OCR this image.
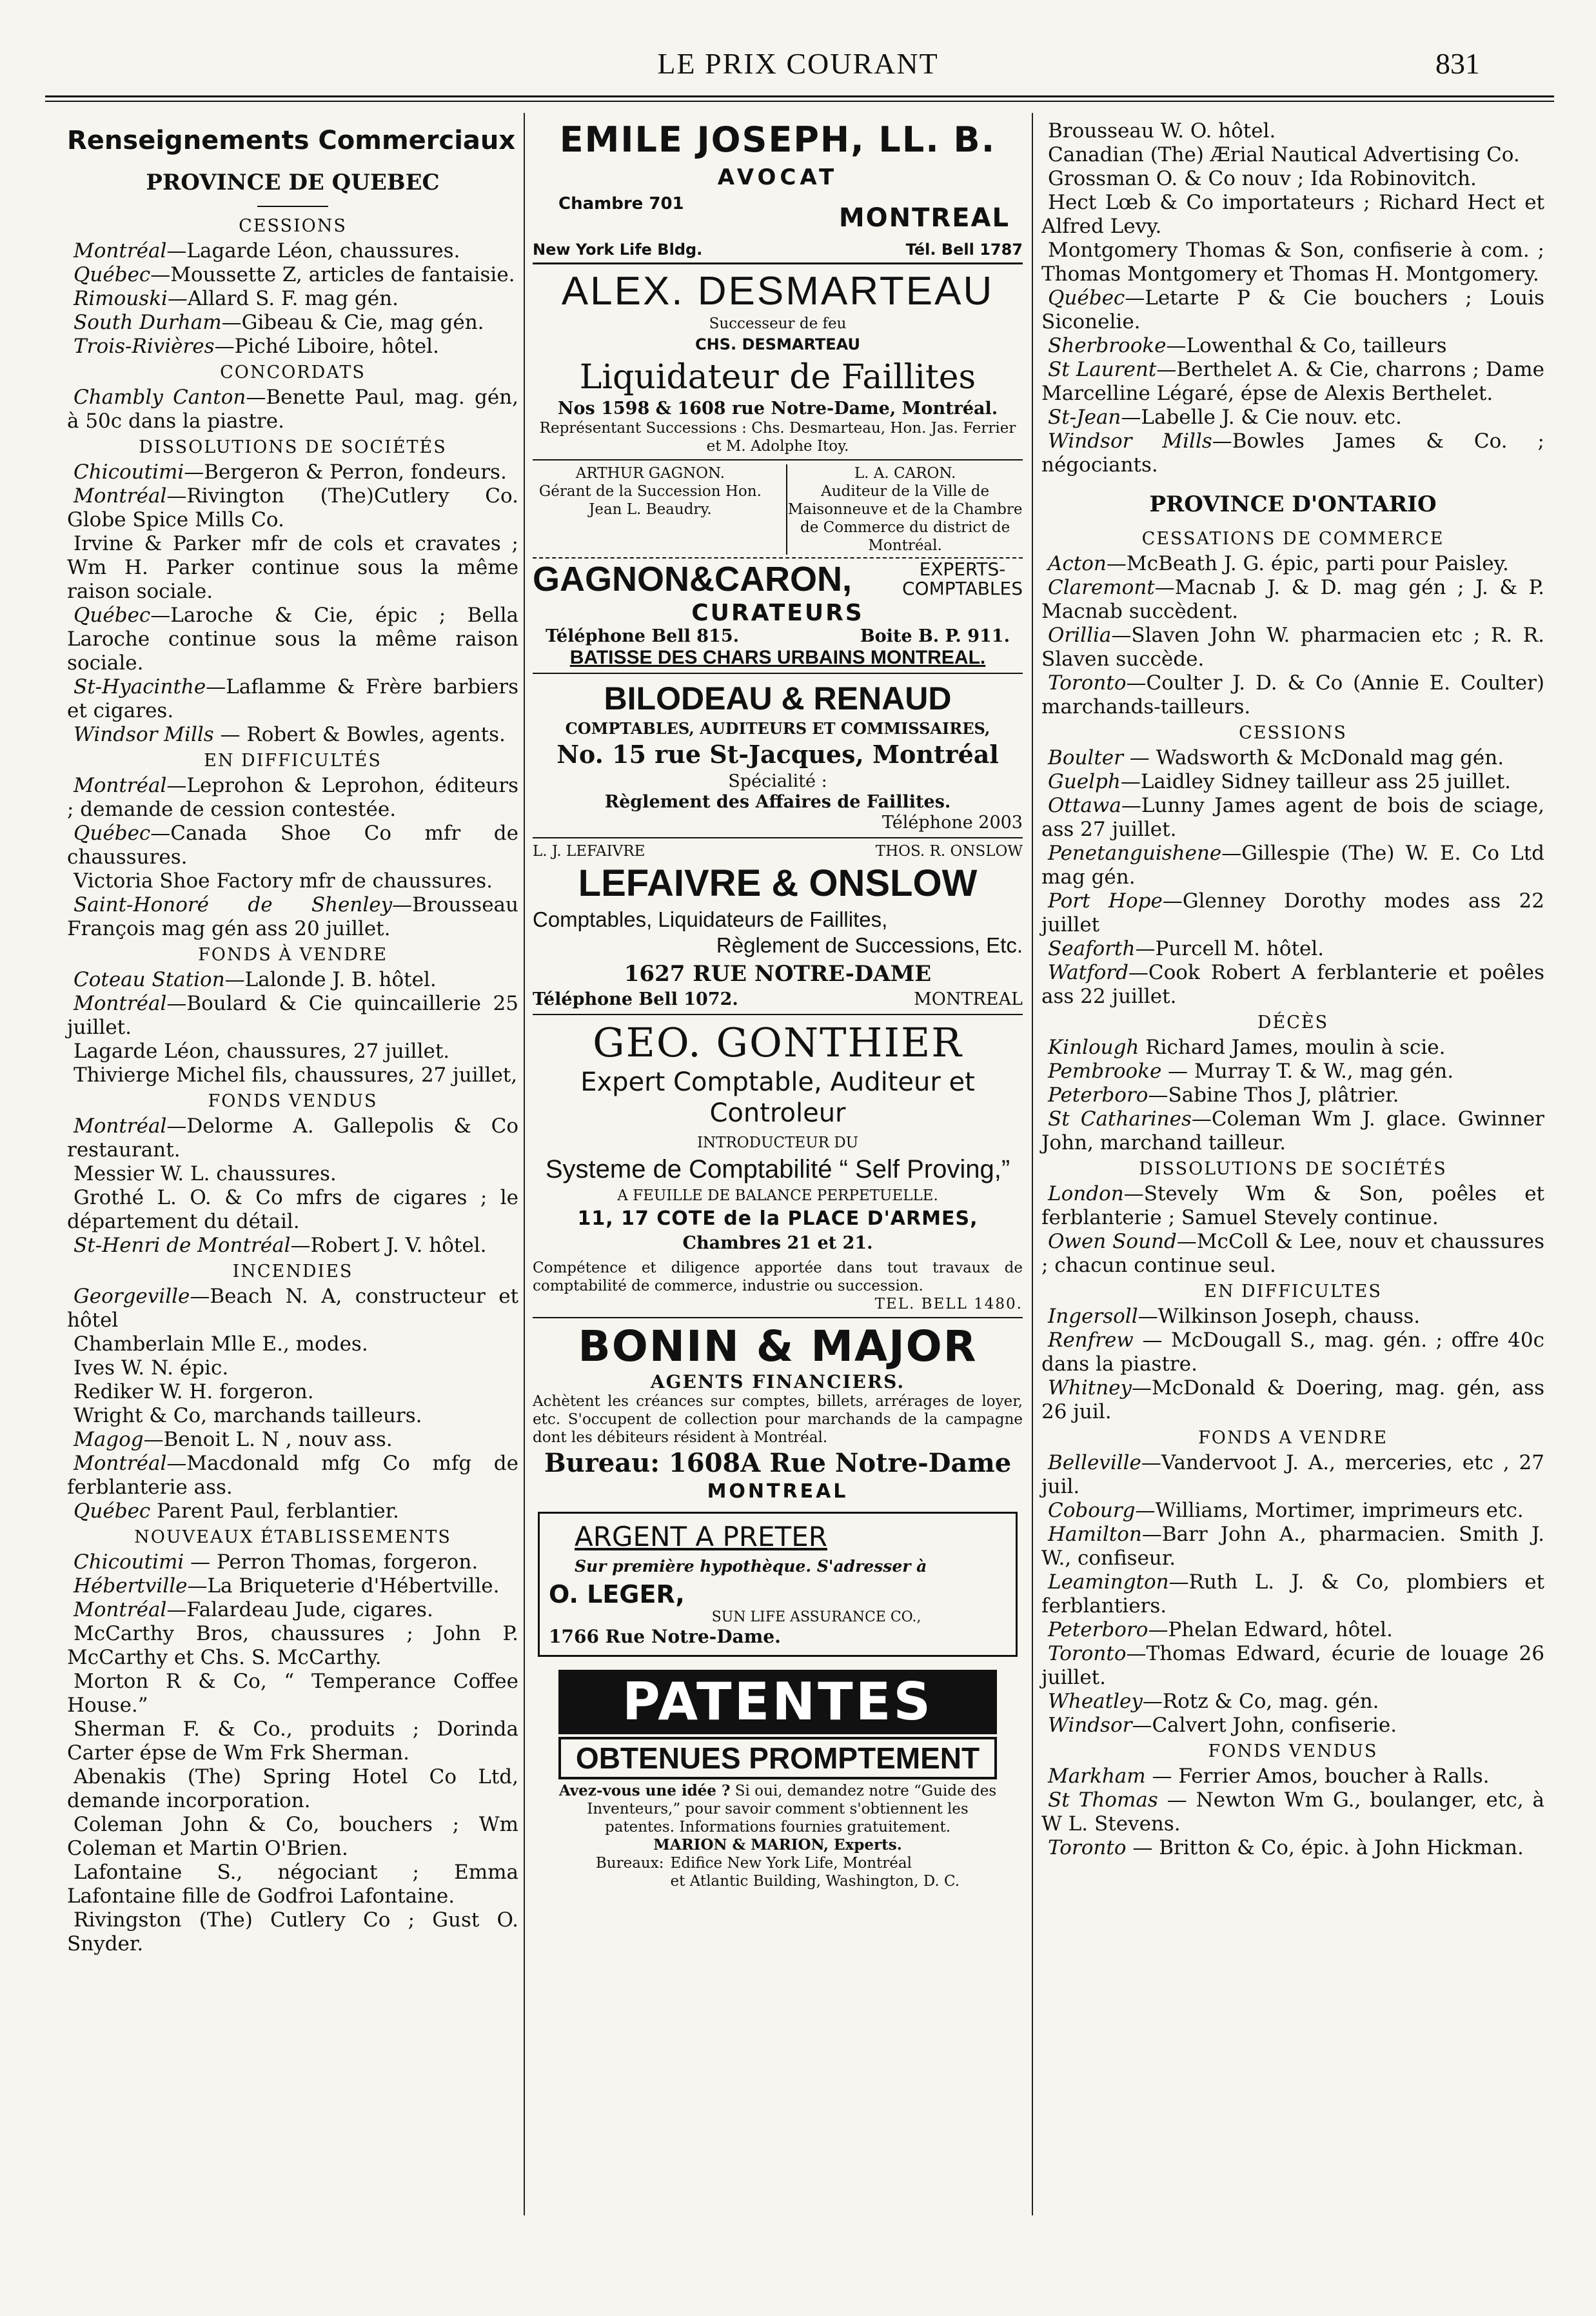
LE PRIX COURANT	831

Renseignements Commerciaux

PROVINCE DE QUEBEC

CESSIONS

Montréal—Lagarde Léon, chaussures.

Québec—Moussette Z, articles de fantaisie.

Rimouski—Allard S. F. mag gén.

South Durham—Gibeau & Cie, mag gén.

Trois-Rivières—Piché Liboire, hôtel.

CONCORDATS

Chambly Canton—Benette Paul, mag. gén, à 50c dans la piastre.

DISSOLUTIONS DE SOCIÉTÉS

Chicoutimi—Bergeron & Perron, fondeurs.

Montréal—Rivington (The)Cutlery Co. Globe Spice Mills Co.

Irvine & Parker mfr de cols et cravates ; Wm H. Parker continue sous la même raison sociale.

Québec—Laroche & Cie, épic ; Bella Laroche continue sous la même raison sociale.

St-Hyacinthe—Laflamme & Frère barbiers et cigares.

Windsor Mills — Robert & Bowles, agents.

EN DIFFICULTÉS

Montréal—Leprohon & Leprohon, éditeurs ; demande de cession contestée.

Québec—Canada Shoe Co mfr de chaussures.

Victoria Shoe Factory mfr de chaussures.

Saint-Honoré de Shenley—Brousseau François mag gén ass 20 juillet.

FONDS À VENDRE

Coteau Station—Lalonde J. B. hôtel.

Montréal—Boulard & Cie quincaillerie 25 juillet.

Lagarde Léon, chaussures, 27 juillet.

Thivierge Michel fils, chaussures, 27 juillet,

FONDS VENDUS

Montréal—Delorme A. Gallepolis & Co restaurant.

Messier W. L. chaussures.

Grothé L. O. & Co mfrs de cigares ; le département du détail.

St-Henri de Montréal—Robert J. V. hôtel.

INCENDIES

Georgeville—Beach N. A, constructeur et hôtel

Chamberlain Mlle E., modes.

Ives W. N. épic.

Rediker W. H. forgeron.

Wright & Co, marchands tailleurs.

Magog—Benoit L. N , nouv ass.

Montréal—Macdonald mfg Co mfg de ferblanterie ass.

Québec Parent Paul, ferblantier.

NOUVEAUX ÉTABLISSEMENTS

Chicoutimi — Perron Thomas, forgeron.

Hébertville—La Briqueterie d'Hébertville.

Montréal—Falardeau Jude, cigares.

McCarthy Bros, chaussures ; John P. McCarthy et Chs. S. McCarthy.

Morton R & Co, “ Temperance Coffee House.”

Sherman F. & Co., produits ; Dorinda Carter épse de Wm Frk Sherman.

Abenakis (The) Spring Hotel Co Ltd, demande incorporation.

Coleman John & Co, bouchers ; Wm Coleman et Martin O'Brien.

Lafontaine S., négociant ; Emma Lafontaine fille de Godfroi Lafontaine.

Rivingston (The) Cutlery Co ; Gust O. Snyder.

EMILE JOSEPH, LL. B.
AVOCAT
Chambre 701	MONTREAL
New York Life Bldg.	Tél. Bell 1787
ALEX. DESMARTEAU
Successeur de feu
CHS. DESMARTEAU
Liquidateur de Faillites
Nos 1598 & 1608 rue Notre-Dame, Montréal.
Représentant Successions : Chs. Desmarteau, Hon. Jas. Ferrier et M. Adolphe Itoy.
ARTHUR GAGNON.
Gérant de la Succession Hon. Jean L. Beaudry.
L. A. CARON.
Auditeur de la Ville de Maisonneuve et de la Chambre de Commerce du district de Montréal.
GAGNON&CARON,	EXPERTS-
COMPTABLES
CURATEURS
Téléphone Bell 815.	Boite B. P. 911.
BATISSE DES CHARS URBAINS MONTREAL.
BILODEAU & RENAUD
COMPTABLES, AUDITEURS ET COMMISSAIRES,
No. 15 rue St-Jacques, Montréal
Spécialité :
Règlement des Affaires de Faillites.
Téléphone 2003
L. J. LEFAIVRE	THOS. R. ONSLOW
LEFAIVRE & ONSLOW
Comptables, Liquidateurs de Faillites,
Règlement de Successions, Etc.
1627 RUE NOTRE-DAME
Téléphone Bell 1072.	MONTREAL
GEO. GONTHIER
Expert Comptable, Auditeur et Controleur
INTRODUCTEUR DU
Systeme de Comptabilité “ Self Proving,”
A FEUILLE DE BALANCE PERPETUELLE.
11, 17 COTE de la PLACE D'ARMES,
Chambres 21 et 21.
Compétence et diligence apportée dans tout travaux de comptabilité de commerce, industrie ou succession.
TEL. BELL 1480.
BONIN & MAJOR
AGENTS FINANCIERS.
Achètent les créances sur comptes, billets, arrérages de loyer, etc. S'occupent de collection pour marchands de la campagne dont les débiteurs résident à Montréal.
Bureau: 1608A Rue Notre-Dame
MONTREAL
ARGENT A PRETER
Sur première hypothèque. S'adresser à
O. LEGER,
SUN LIFE ASSURANCE CO.,
1766 Rue Notre-Dame.
PATENTES
OBTENUES PROMPTEMENT
Avez-vous une idée ? Si oui, demandez notre “Guide des Inventeurs,” pour savoir comment s'obtiennent les patentes. Informations fournies gratuitement.
MARION & MARION, Experts.
Bureaux: Edifice New York Life, Montréal
et Atlantic Building, Washington, D. C.

Brousseau W. O. hôtel.

Canadian (The) Ærial Nautical Advertising Co.

Grossman O. & Co nouv ; Ida Robinovitch.

Hect Lœb & Co importateurs ; Richard Hect et Alfred Levy.

Montgomery Thomas & Son, confiserie à com. ; Thomas Montgomery et Thomas H. Montgomery.

Québec—Letarte P & Cie bouchers ; Louis Siconelie.

Sherbrooke—Lowenthal & Co, tailleurs

St Laurent—Berthelet A. & Cie, charrons ; Dame Marcelline Légaré, épse de Alexis Berthelet.

St-Jean—Labelle J. & Cie nouv. etc.

Windsor Mills—Bowles James & Co. ; négociants.

PROVINCE D'ONTARIO

CESSATIONS DE COMMERCE

Acton—McBeath J. G. épic, parti pour Paisley.

Claremont—Macnab J. & D. mag gén ; J. & P. Macnab succèdent.

Orillia—Slaven John W. pharmacien etc ; R. R. Slaven succède.

Toronto—Coulter J. D. & Co (Annie E. Coulter) marchands-tailleurs.

CESSIONS

Boulter — Wadsworth & McDonald mag gén.

Guelph—Laidley Sidney tailleur ass 25 juillet.

Ottawa—Lunny James agent de bois de sciage, ass 27 juillet.

Penetanguishene—Gillespie (The) W. E. Co Ltd mag gén.

Port Hope—Glenney Dorothy modes ass 22 juillet

Seaforth—Purcell M. hôtel.

Watford—Cook Robert A ferblanterie et poêles ass 22 juillet.

DÉCÈS

Kinlough Richard James, moulin à scie.

Pembrooke — Murray T. & W., mag gén.

Peterboro—Sabine Thos J, plâtrier.

St Catharines—Coleman Wm J. glace. Gwinner John, marchand tailleur.

DISSOLUTIONS DE SOCIÉTÉS

London—Stevely Wm & Son, poêles et ferblanterie ; Samuel Stevely continue.

Owen Sound—McColl & Lee, nouv et chaussures ; chacun continue seul.

EN DIFFICULTES

Ingersoll—Wilkinson Joseph, chauss.

Renfrew — McDougall S., mag. gén. ; offre 40c dans la piastre.

Whitney—McDonald & Doering, mag. gén, ass 26 juil.

FONDS A VENDRE

Belleville—Vandervoot J. A., merceries, etc , 27 juil.

Cobourg—Williams, Mortimer, imprimeurs etc.

Hamilton—Barr John A., pharmacien. Smith J. W., confiseur.

Leamington—Ruth L. J. & Co, plombiers et ferblantiers.

Peterboro—Phelan Edward, hôtel.

Toronto—Thomas Edward, écurie de louage 26 juillet.

Wheatley—Rotz & Co, mag. gén.

Windsor—Calvert John, confiserie.

FONDS VENDUS

Markham — Ferrier Amos, boucher à Ralls.

St Thomas — Newton Wm G., boulanger, etc, à W L. Stevens.

Toronto — Britton & Co, épic. à John Hickman.
